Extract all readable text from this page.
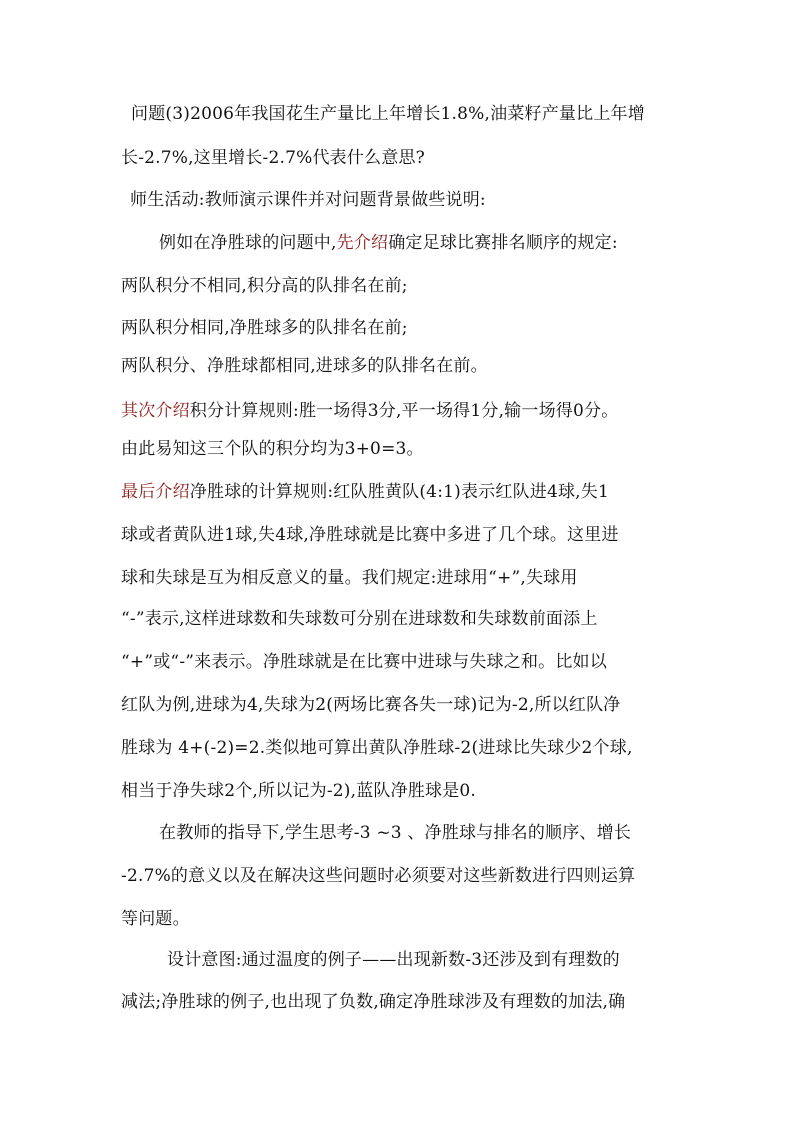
问题(3)2006年我国花生产量比上年增长1.8%,油菜籽产量比上年增
长-2.7%,这里增长-2.7%代表什么意思?
师生活动:教师演示课件并对问题背景做些说明:
例如在净胜球的问题中,先介绍确定足球比赛排名顺序的规定:
两队积分不相同,积分高的队排名在前;
两队积分相同,净胜球多的队排名在前;
两队积分、净胜球都相同,进球多的队排名在前。
其次介绍积分计算规则:胜一场得3分,平一场得1分,输一场得0分。
由此易知这三个队的积分均为3+0=3。
最后介绍净胜球的计算规则:红队胜黄队(4:1)表示红队进4球,失1
球或者黄队进1球,失4球,净胜球就是比赛中多进了几个球。这里进
球和失球是互为相反意义的量。我们规定:进球用“+”,失球用
“-”表示,这样进球数和失球数可分别在进球数和失球数前面添上
“+”或“-”来表示。净胜球就是在比赛中进球与失球之和。比如以
红队为例,进球为4,失球为2(两场比赛各失一球)记为-2,所以红队净
胜球为 4+(-2)=2.类似地可算出黄队净胜球-2(进球比失球少2个球,
相当于净失球2个,所以记为-2),蓝队净胜球是0.
在教师的指导下,学生思考-3 ~3 、净胜球与排名的顺序、增长
-2.7%的意义以及在解决这些问题时必须要对这些新数进行四则运算
等问题。
设计意图:通过温度的例子——出现新数-3还涉及到有理数的
减法;净胜球的例子,也出现了负数,确定净胜球涉及有理数的加法,确
